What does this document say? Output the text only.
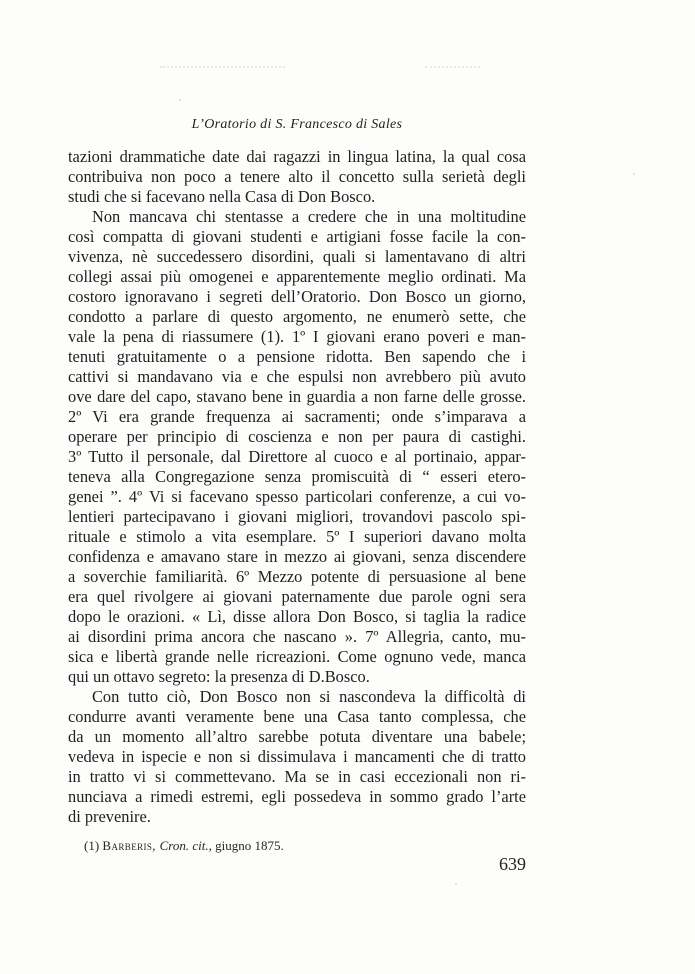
L’Oratorio di S. Francesco di Sales
tazioni drammatiche date dai ragazzi in lingua latina, la qual cosa
contribuiva non poco a tenere alto il concetto sulla serietà degli
studi che si facevano nella Casa di Don Bosco.
Non mancava chi stentasse a credere che in una moltitudine
così compatta di giovani studenti e artigiani fosse facile la con-
vivenza, nè succedessero disordini, quali si lamentavano di altri
collegi assai più omogenei e apparentemente meglio ordinati. Ma
costoro ignoravano i segreti dell’Oratorio. Don Bosco un giorno,
condotto a parlare di questo argomento, ne enumerò sette, che
vale la pena di riassumere (1). 1º I giovani erano poveri e man-
tenuti gratuitamente o a pensione ridotta. Ben sapendo che i
cattivi si mandavano via e che espulsi non avrebbero più avuto
ove dare del capo, stavano bene in guardia a non farne delle grosse.
2º Vi era grande frequenza ai sacramenti; onde s’imparava a
operare per principio di coscienza e non per paura di castighi.
3º Tutto il personale, dal Direttore al cuoco e al portinaio, appar-
teneva alla Congregazione senza promiscuità di “ esseri etero-
genei ”. 4º Vi si facevano spesso particolari conferenze, a cui vo-
lentieri partecipavano i giovani migliori, trovandovi pascolo spi-
rituale e stimolo a vita esemplare. 5º I superiori davano molta
confidenza e amavano stare in mezzo ai giovani, senza discendere
a soverchie familiarità. 6º Mezzo potente di persuasione al bene
era quel rivolgere ai giovani paternamente due parole ogni sera
dopo le orazioni. « Lì, disse allora Don Bosco, si taglia la radice
ai disordini prima ancora che nascano ». 7º Allegria, canto, mu-
sica e libertà grande nelle ricreazioni. Come ognuno vede, manca
qui un ottavo segreto: la presenza di D.Bosco.
Con tutto ciò, Don Bosco non si nascondeva la difficoltà di
condurre avanti veramente bene una Casa tanto complessa, che
da un momento all’altro sarebbe potuta diventare una babele;
vedeva in ispecie e non si dissimulava i mancamenti che di tratto
in tratto vi si commettevano. Ma se in casi eccezionali non ri-
nunciava a rimedi estremi, egli possedeva in sommo grado l’arte
di prevenire.
(1) Barberis, Cron. cit., giugno 1875.
639
